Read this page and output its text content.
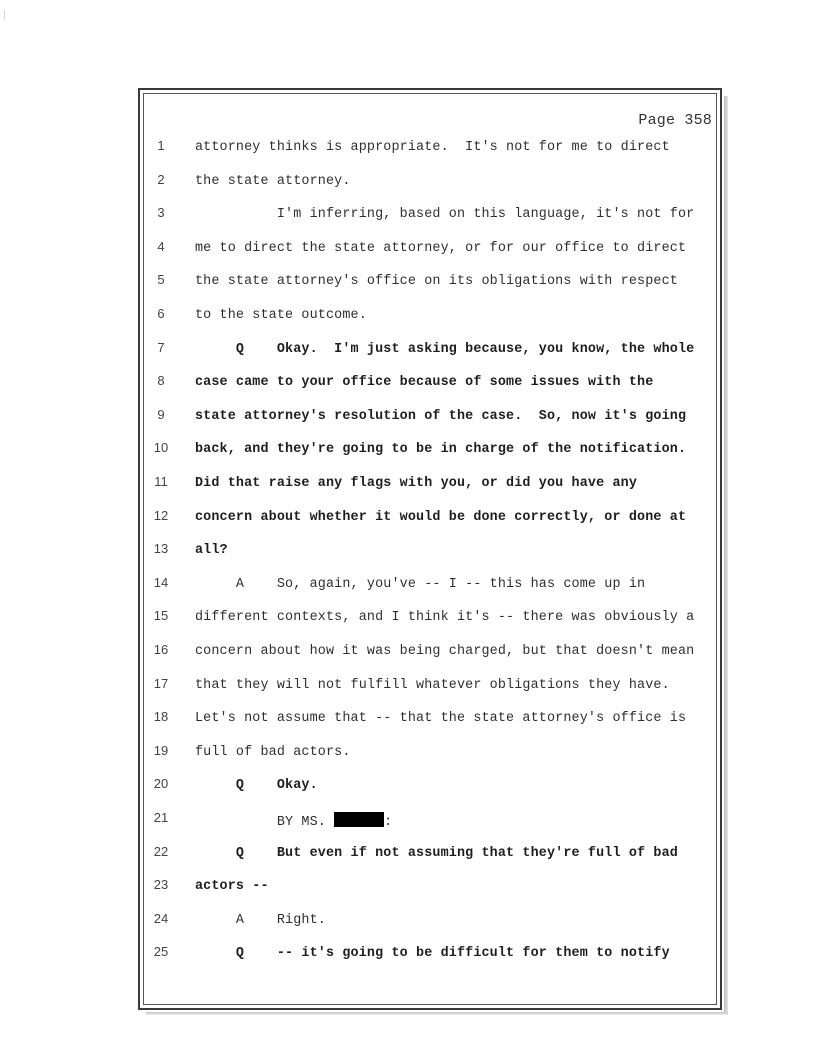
Page 358
1	attorney thinks is appropriate.  It's not for me to direct
2	the state attorney.
3	I'm inferring, based on this language, it's not for
4	me to direct the state attorney, or for our office to direct
5	the state attorney's office on its obligations with respect
6	to the state outcome.
7	Q    Okay.  I'm just asking because, you know, the whole
8	case came to your office because of some issues with the
9	state attorney's resolution of the case.  So, now it's going
10 back, and they're going to be in charge of the notification.
11	Did that raise any flags with you, or did you have any
12 concern about whether it would be done correctly, or done at
13 all?
14 A    So, again, you've -- I -- this has come up in
15 different contexts, and I think it's -- there was obviously a
16 concern about how it was being charged, but that doesn't mean
17 that they will not fulfill whatever obligations they have.
18 Let's not assume that -- that the state attorney's office is
19 full of bad actors.
20 Q    Okay.
21 BY MS.	:
22 Q    But even if not assuming that they're full of bad
23 actors --
24 A    Right.
25 Q    -- it's going to be difficult for them to notify
